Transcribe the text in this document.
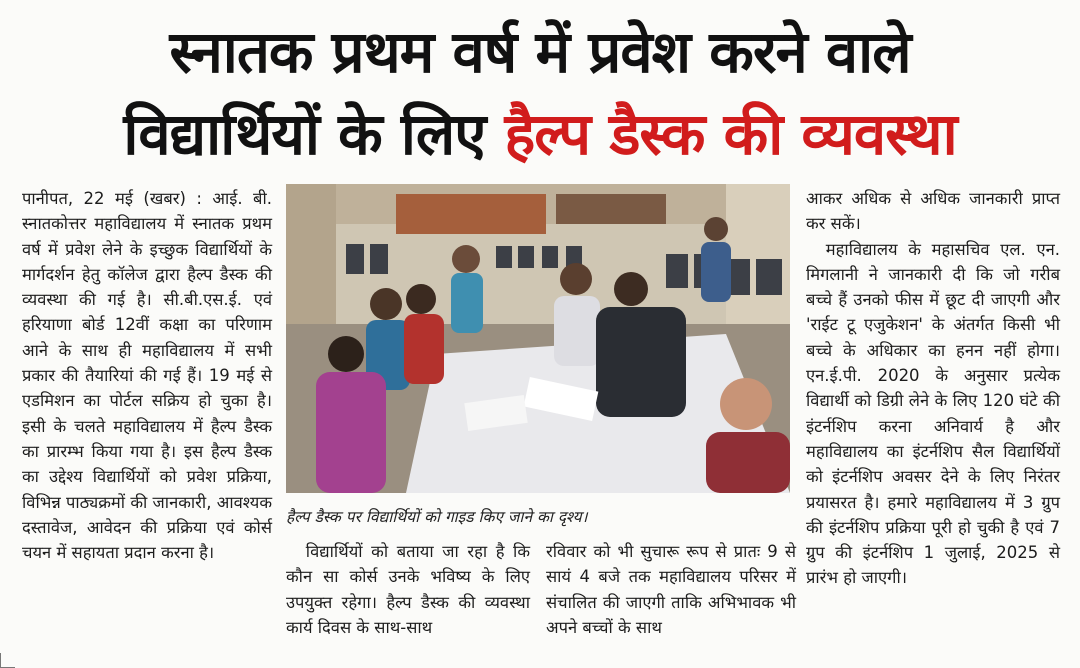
स्नातक प्रथम वर्ष में प्रवेश करने वाले
विद्यार्थियों के लिए हैल्प डैस्क की व्यवस्था

पानीपत, 22 मई (खबर) : आई. बी. स्नातकोत्तर महाविद्यालय में स्नातक प्रथम वर्ष में प्रवेश लेने के इच्छुक विद्यार्थियों के मार्गदर्शन हेतु कॉलेज द्वारा हैल्प डैस्क की व्यवस्था की गई है। सी.बी.एस.ई. एवं हरियाणा बोर्ड 12वीं कक्षा का परिणाम आने के साथ ही महाविद्यालय में सभी प्रकार की तैयारियां की गई हैं। 19 मई से एडमिशन का पोर्टल सक्रिय हो चुका है। इसी के चलते महाविद्यालय में हैल्प डैस्क का प्रारम्भ किया गया है। इस हैल्प डैस्क का उद्देश्य विद्यार्थियों को प्रवेश प्रक्रिया, विभिन्न पाठ्यक्रमों की जानकारी, आवश्यक दस्तावेज, आवेदन की प्रक्रिया एवं कोर्स चयन में सहायता प्रदान करना है।

हैल्प डैस्क पर विद्यार्थियों को गाइड किए जाने का दृश्य।

विद्यार्थियों को बताया जा रहा है कि कौन सा कोर्स उनके भविष्य के लिए उपयुक्त रहेगा। हैल्प डैस्क की व्यवस्था कार्य दिवस के साथ-साथ

रविवार को भी सुचारू रूप से प्रातः 9 से सायं 4 बजे तक महाविद्यालय परिसर में संचालित की जाएगी ताकि अभिभावक भी अपने बच्चों के साथ

आकर अधिक से अधिक जानकारी प्राप्त कर सकें।

महाविद्यालय के महासचिव एल. एन. मिगलानी ने जानकारी दी कि जो गरीब बच्चे हैं उनको फीस में छूट दी जाएगी और 'राईट टू एजुकेशन' के अंतर्गत किसी भी बच्चे के अधिकार का हनन नहीं होगा। एन.ई.पी. 2020 के अनुसार प्रत्येक विद्यार्थी को डिग्री लेने के लिए 120 घंटे की इंटर्नशिप करना अनिवार्य है और महाविद्यालय का इंटर्नशिप सैल विद्यार्थियों को इंटर्नशिप अवसर देने के लिए निरंतर प्रयासरत है। हमारे महाविद्यालय में 3 ग्रुप की इंटर्नशिप प्रक्रिया पूरी हो चुकी है एवं 7 ग्रुप की इंटर्नशिप 1 जुलाई, 2025 से प्रारंभ हो जाएगी।
